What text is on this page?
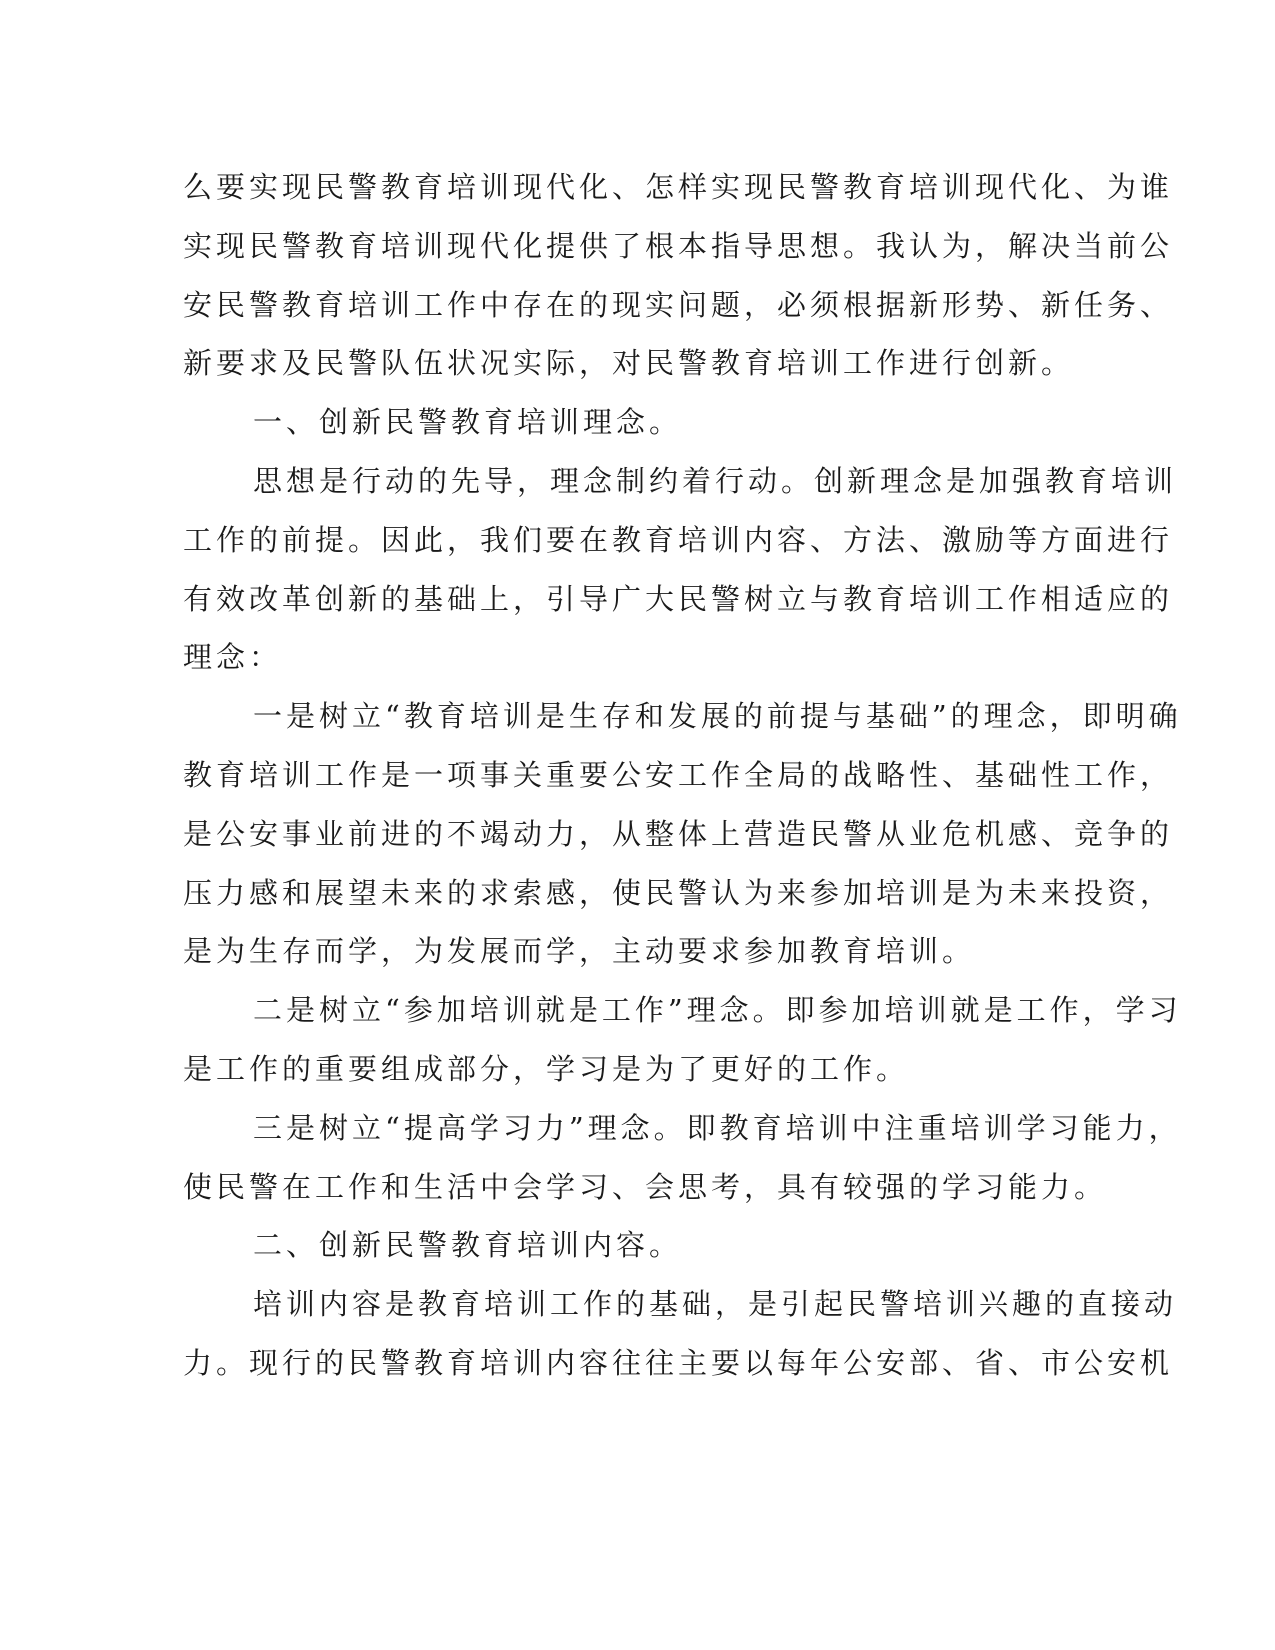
么要实现民警教育培训现代化、怎样实现民警教育培训现代化、为谁
实现民警教育培训现代化提供了根本指导思想。我认为，解决当前公
安民警教育培训工作中存在的现实问题，必须根据新形势、新任务、
新要求及民警队伍状况实际，对民警教育培训工作进行创新。
一、创新民警教育培训理念。
思想是行动的先导，理念制约着行动。创新理念是加强教育培训
工作的前提。因此，我们要在教育培训内容、方法、激励等方面进行
有效改革创新的基础上，引导广大民警树立与教育培训工作相适应的
理念：
一是树立“教育培训是生存和发展的前提与基础”的理念，即明确
教育培训工作是一项事关重要公安工作全局的战略性、基础性工作，
是公安事业前进的不竭动力，从整体上营造民警从业危机感、竞争的
压力感和展望未来的求索感，使民警认为来参加培训是为未来投资，
是为生存而学，为发展而学，主动要求参加教育培训。
二是树立“参加培训就是工作”理念。即参加培训就是工作，学习
是工作的重要组成部分，学习是为了更好的工作。
三是树立“提高学习力”理念。即教育培训中注重培训学习能力，
使民警在工作和生活中会学习、会思考，具有较强的学习能力。
二、创新民警教育培训内容。
培训内容是教育培训工作的基础，是引起民警培训兴趣的直接动
力。现行的民警教育培训内容往往主要以每年公安部、省、市公安机
